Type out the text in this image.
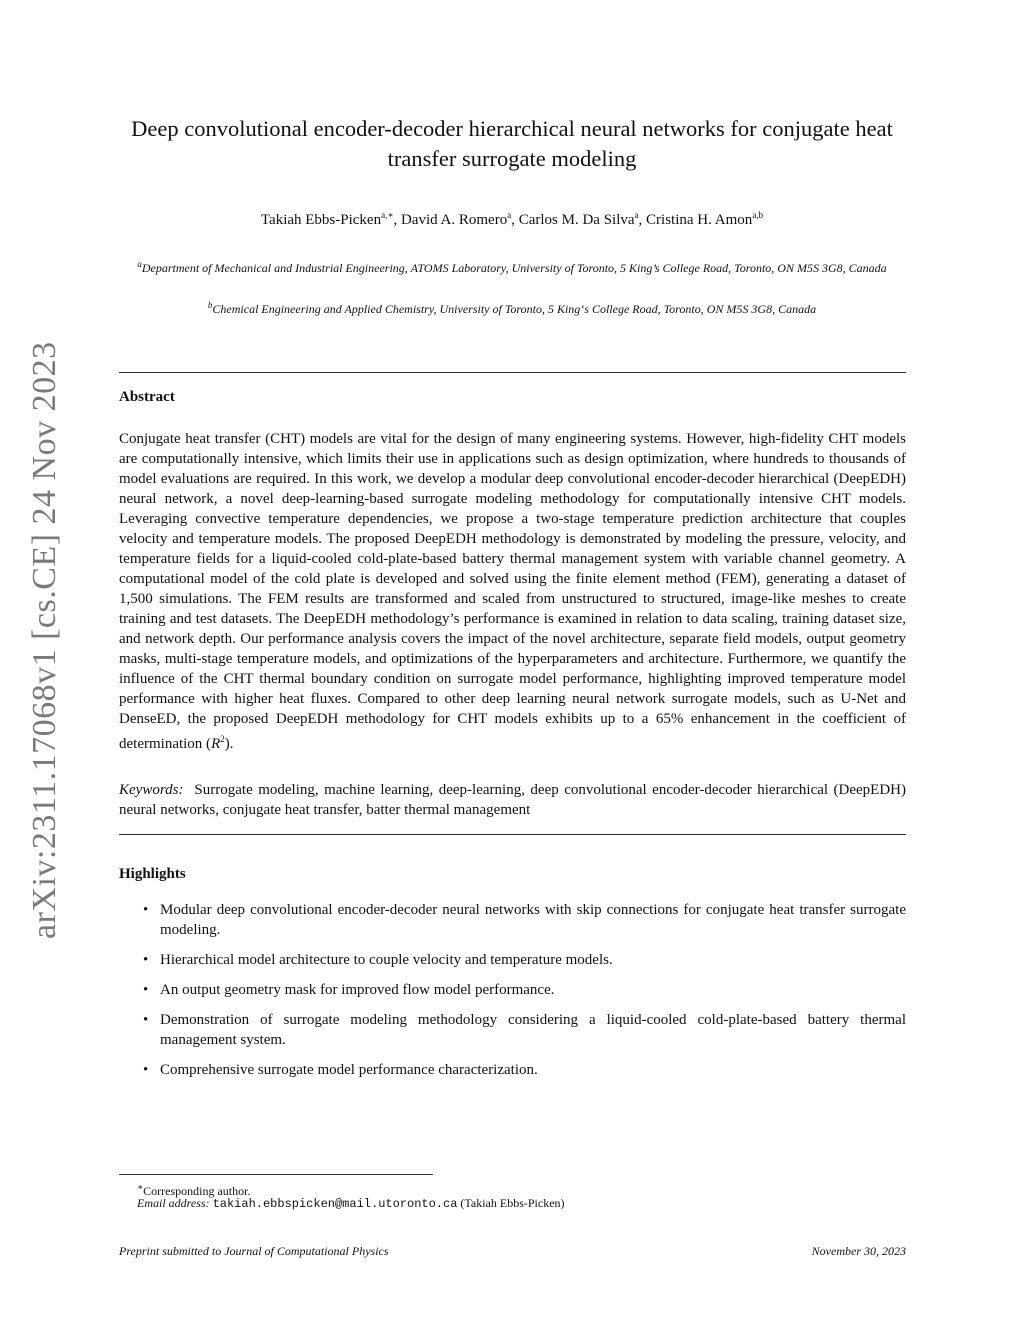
arXiv:2311.17068v1 [cs.CE] 24 Nov 2023
Deep convolutional encoder-decoder hierarchical neural networks for conjugate heat transfer surrogate modeling
Takiah Ebbs-Picken$^{a,∗}$, David A. Romero$^a$, Carlos M. Da Silva$^a$, Cristina H. Amon$^{a,b}$
$^a$Department of Mechanical and Industrial Engineering, ATOMS Laboratory, University of Toronto, 5 King’s College Road, Toronto, ON M5S 3G8, Canada
$^b$Chemical Engineering and Applied Chemistry, University of Toronto, 5 King‘s College Road, Toronto, ON M5S 3G8, Canada
Abstract
Conjugate heat transfer (CHT) models are vital for the design of many engineering systems. However, high-fidelity CHT models are computationally intensive, which limits their use in applications such as design optimization, where hundreds to thousands of model evaluations are required. In this work, we develop a modular deep convolutional encoder-decoder hierarchical (DeepEDH) neural network, a novel deep-learning-based surrogate modeling methodology for computationally intensive CHT models. Leveraging convective temperature dependencies, we propose a two-stage temperature prediction architecture that couples velocity and temperature models. The proposed DeepEDH methodology is demonstrated by modeling the pressure, velocity, and temperature fields for a liquid-cooled cold-plate-based battery thermal management system with variable channel geometry. A computational model of the cold plate is developed and solved using the finite element method (FEM), generating a dataset of 1,500 simulations. The FEM results are transformed and scaled from unstructured to structured, image-like meshes to create training and test datasets. The DeepEDH methodology’s performance is examined in relation to data scaling, training dataset size, and network depth. Our performance analysis covers the impact of the novel architecture, separate field models, output geometry masks, multi-stage temperature models, and optimizations of the hyperparameters and architecture. Furthermore, we quantify the influence of the CHT thermal boundary condition on surrogate model performance, highlighting improved temperature model performance with higher heat fluxes. Compared to other deep learning neural network surrogate models, such as U-Net and DenseED, the proposed DeepEDH methodology for CHT models exhibits up to a 65% enhancement in the coefficient of determination $(R^2)$.
Keywords: Surrogate modeling, machine learning, deep-learning, deep convolutional encoder-decoder hierarchical (DeepEDH) neural networks, conjugate heat transfer, batter thermal management
Highlights
• Modular deep convolutional encoder-decoder neural networks with skip connections for conjugate heat transfer surrogate modeling.
• Hierarchical model architecture to couple velocity and temperature models.
• An output geometry mask for improved flow model performance.
• Demonstration of surrogate modeling methodology considering a liquid-cooled cold-plate-based battery thermal management system.
• Comprehensive surrogate model performance characterization.
∗Corresponding author.
Email address: takiah.ebbspicken@mail.utoronto.ca (Takiah Ebbs-Picken)
Preprint submitted to Journal of Computational Physics	November 30, 2023
